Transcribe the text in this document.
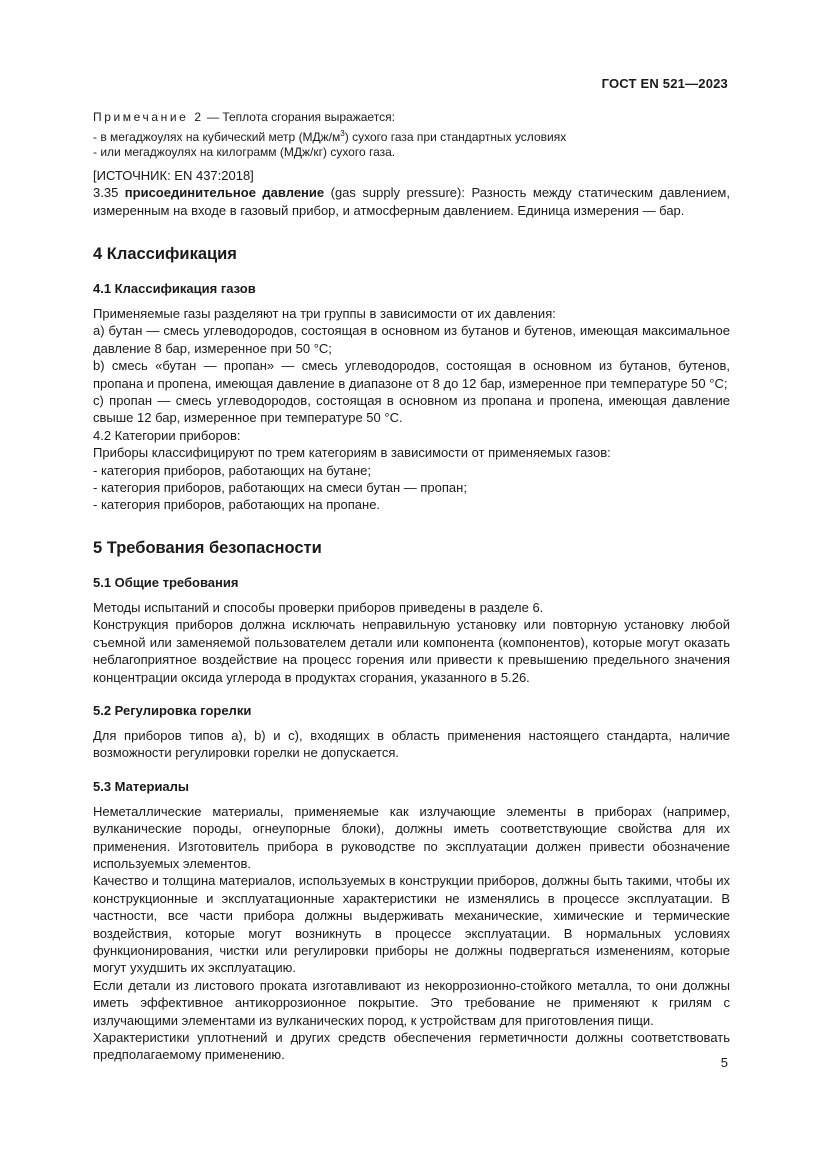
ГОСТ EN 521—2023

Примечание 2 — Теплота сгорания выражается:

- в мегаджоулях на кубический метр $(МДж/м^3)$ сухого газа при стандартных условиях

- или мегаджоулях на килограмм (МДж/кг) сухого газа.

[ИСТОЧНИК: EN 437:2018]

3.35 присоединительное давление (gas supply pressure): Разность между статическим давлением, измеренным на входе в газовый прибор, и атмосферным давлением. Единица измерения — бар.

4 Классификация
4.1 Классификация газов

Применяемые газы разделяют на три группы в зависимости от их давления:

а) бутан — смесь углеводородов, состоящая в основном из бутанов и бутенов, имеющая максимальное давление 8 бар, измеренное при 50 °С;

b) смесь «бутан — пропан» — смесь углеводородов, состоящая в основном из бутанов, бутенов, пропана и пропена, имеющая давление в диапазоне от 8 до 12 бар, измеренное при температуре 50 °С;

с) пропан — смесь углеводородов, состоящая в основном из пропана и пропена, имеющая давление свыше 12 бар, измеренное при температуре 50 °С.

4.2 Категории приборов:

Приборы классифицируют по трем категориям в зависимости от применяемых газов:

- категория приборов, работающих на бутане;

- категория приборов, работающих на смеси бутан — пропан;

- категория приборов, работающих на пропане.

5 Требования безопасности
5.1 Общие требования

Методы испытаний и способы проверки приборов приведены в разделе 6.

Конструкция приборов должна исключать неправильную установку или повторную установку любой съемной или заменяемой пользователем детали или компонента (компонентов), которые могут оказать неблагоприятное воздействие на процесс горения или привести к превышению предельного значения концентрации оксида углерода в продуктах сгорания, указанного в 5.26.

5.2 Регулировка горелки

Для приборов типов а), b) и с), входящих в область применения настоящего стандарта, наличие возможности регулировки горелки не допускается.

5.3 Материалы

Неметаллические материалы, применяемые как излучающие элементы в приборах (например, вулканические породы, огнеупорные блоки), должны иметь соответствующие свойства для их применения. Изготовитель прибора в руководстве по эксплуатации должен привести обозначение используемых элементов.

Качество и толщина материалов, используемых в конструкции приборов, должны быть такими, чтобы их конструкционные и эксплуатационные характеристики не изменялись в процессе эксплуатации. В частности, все части прибора должны выдерживать механические, химические и термические воздействия, которые могут возникнуть в процессе эксплуатации. В нормальных условиях функционирования, чистки или регулировки приборы не должны подвергаться изменениям, которые могут ухудшить их эксплуатацию.

Если детали из листового проката изготавливают из некоррозионно-стойкого металла, то они должны иметь эффективное антикоррозионное покрытие. Это требование не применяют к грилям с излучающими элементами из вулканических пород, к устройствам для приготовления пищи.

Характеристики уплотнений и других средств обеспечения герметичности должны соответствовать предполагаемому применению.

5
